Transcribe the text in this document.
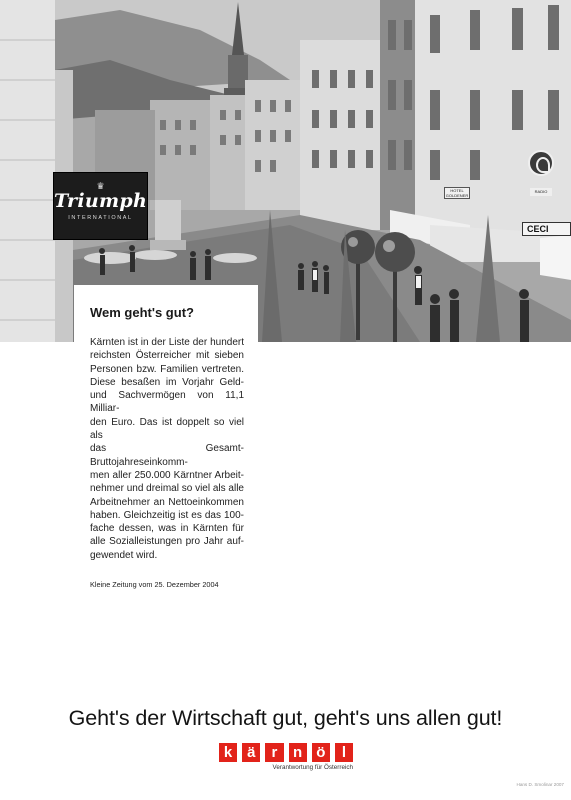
♛
Triumph
INTERNATIONAL
HOTEL
GOLDENER
RADIO
CECI
Wem geht's gut?
Kärnten ist in der Liste der hundert
reichsten Österreicher mit sieben
Personen bzw. Familien vertreten.
Diese besaßen im Vorjahr Geld-
und Sachvermögen von 11,1 Milliar-
den Euro. Das ist doppelt so viel als
das Gesamt-Bruttojahreseinkomm-
men aller 250.000 Kärntner Arbeit-
nehmer und dreimal so viel als alle
Arbeitnehmer an Nettoeinkommen
haben. Gleichzeitig ist es das 100-
fache dessen, was in Kärnten für
alle Sozialleistungen pro Jahr auf-
gewendet wird.
Kleine Zeitung vom 25. Dezember 2004
Geht's der Wirtschaft gut, geht's uns allen gut!
k ä	r	n ö	l
Verantwortung für Österreich
Hans D. Smolinar 2007
